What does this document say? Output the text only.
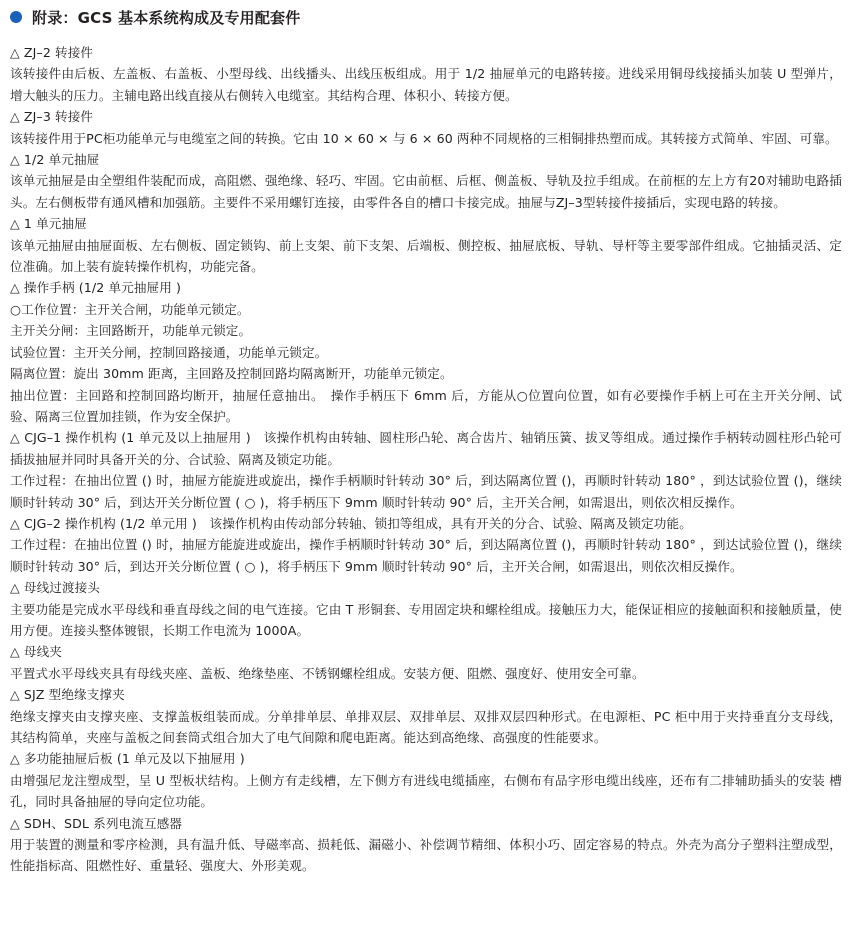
附录：GCS 基本系统构成及专用配套件

△ ZJ–2 转接件

该转接件由后板、左盖板、右盖板、小型母线、出线播头、出线压板组成。用于 1/2 抽屉单元的电路转接。进线采用铜母线接插头加装 U 型弹片，增大触头的压力。主辅电路出线直接从右侧转入电缆室。其结构合理、体积小、转接方便。

△ ZJ–3 转接件

该转接件用于PC柜功能单元与电缆室之间的转换。它由 10 × 60 × 与 6 × 60 两种不同规格的三相铜排热塑而成。其转接方式简单、牢固、可靠。

△ 1/2 单元抽屉

该单元抽屉是由全塑组件装配而成，高阻燃、强绝缘、轻巧、牢固。它由前框、后框、侧盖板、导轨及拉手组成。在前框的左上方有20对辅助电路插头。左右侧板带有通风槽和加强筋。主要件不采用螺钉连接，由零件各自的槽口卡接完成。抽屉与ZJ–3型转接件接插后，实现电路的转接。

△ 1 单元抽屉

该单元抽屉由抽屉面板、左右侧板、固定锁钩、前上支架、前下支架、后端板、侧控板、抽屉底板、导轨、导杆等主要零部件组成。它抽插灵活、定位准确。加上装有旋转操作机构，功能完备。

△ 操作手柄 (1/2 单元抽屉用 )

○工作位置：主开关合闸，功能单元锁定。

主开关分闸：主回路断开，功能单元锁定。

试验位置：主开关分闸，控制回路接通，功能单元锁定。

隔离位置：旋出 30mm 距离，主回路及控制回路均隔离断开，功能单元锁定。

抽出位置：主回路和控制回路均断开，抽屉任意抽出。　操作手柄压下 6mm 后，方能从○位置向位置，如有必要操作手柄上可在主开关分闸、试验、隔离三位置加挂锁，作为安全保护。

△ CJG–1 操作机构 (1 单元及以上抽屉用 )　该操作机构由转轴、圆柱形凸轮、离合齿片、轴销压簧、拔叉等组成。通过操作手柄转动圆柱形凸轮可插拔抽屉并同时具备开关的分、合试验、隔离及锁定功能。

工作过程：在抽出位置 () 时，抽屉方能旋进或旋出，操作手柄顺时针转动 30° 后，到达隔离位置 ()，再顺时针转动 180° ，到达试验位置 ()，继续顺时针转动 30° 后，到达开关分断位置 ( ○ )，将手柄压下 9mm 顺时针转动 90° 后，主开关合闸，如需退出，则依次相反操作。

△ CJG–2 操作机构 (1/2 单元用 )　该操作机构由传动部分转轴、锁扣等组成，具有开关的分合、试验、隔离及锁定功能。

工作过程：在抽出位置 () 时，抽屉方能旋进或旋出，操作手柄顺时针转动 30° 后，到达隔离位置 ()，再顺时针转动 180° ，到达试验位置 ()，继续顺时针转动 30° 后，到达开关分断位置 ( ○ )，将手柄压下 9mm 顺时针转动 90° 后，主开关合闸，如需退出，则依次相反操作。

△ 母线过渡接头

主要功能是完成水平母线和垂直母线之间的电气连接。它由 T 形铜套、专用固定块和螺栓组成。接触压力大，能保证相应的接触面积和接触质量，使用方便。连接头整体镀银，长期工作电流为 1000A。

△ 母线夹

平置式水平母线夹具有母线夹座、盖板、绝缘垫座、不锈钢螺栓组成。安装方便、阻燃、强度好、使用安全可靠。

△ SJZ 型绝缘支撑夹

绝缘支撑夹由支撑夹座、支撑盖板组装而成。分单排单层、单排双层、双排单层、双排双层四种形式。在电源柜、PC 柜中用于夹持垂直分支母线，其结构简单，夹座与盖板之间套筒式组合加大了电气间隙和爬电距离。能达到高绝缘、高强度的性能要求。

△ 多功能抽屉后板 (1 单元及以下抽屉用 )

由增强尼龙注塑成型，呈 U 型板状结构。上侧方有走线槽，左下侧方有进线电缆插座，右侧布有品字形电缆出线座，还布有二排辅助插头的安装 槽孔，同时具备抽屉的导向定位功能。

△ SDH、SDL 系列电流互感器

用于装置的测量和零序检测，具有温升低、导磁率高、损耗低、漏磁小、补偿调节精细、体积小巧、固定容易的特点。外壳为高分子塑料注塑成型，性能指标高、阻燃性好、重量轻、强度大、外形美观。
